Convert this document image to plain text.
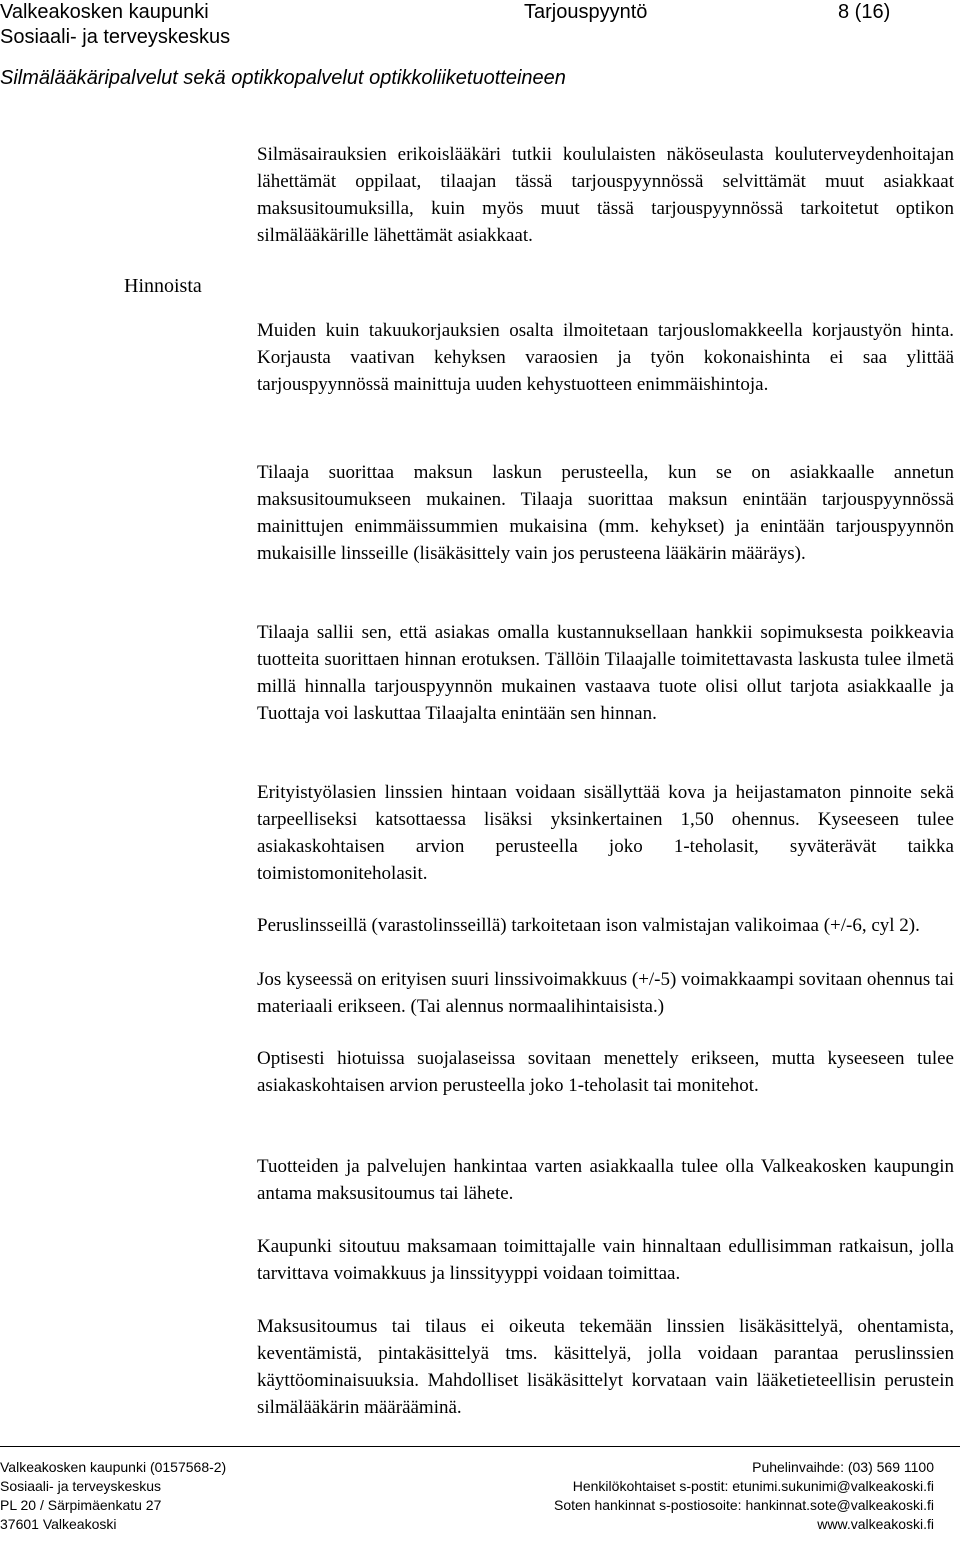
Valkeakosken kaupunki
Sosiaali- ja terveyskeskus
Tarjouspyyntö	8 (16)
Silmälääkäripalvelut sekä optikkopalvelut optikkoliiketuotteineen
Hinnoista

Silmäsairauksien erikoislääkäri tutkii koululaisten näköseulasta kouluterveydenhoitajan lähettämät oppilaat, tilaajan tässä tarjouspyynnössä selvittämät muut asiakkaat maksusitoumuksilla, kuin myös muut tässä tarjouspyynnössä tarkoitetut optikon silmälääkärille lähettämät asiakkaat.

Muiden kuin takuukorjauksien osalta ilmoitetaan tarjouslomakkeella korjaustyön hinta. Korjausta vaativan kehyksen varaosien ja työn kokonaishinta ei saa ylittää tarjouspyynnössä mainittuja uuden kehystuotteen enimmäishintoja.

Tilaaja suorittaa maksun laskun perusteella, kun se on asiakkaalle annetun maksusitoumukseen mukainen. Tilaaja suorittaa maksun enintään tarjouspyynnössä mainittujen enimmäissummien mukaisina (mm. kehykset) ja enintään tarjouspyynnön mukaisille linsseille (lisäkäsittely vain jos perusteena lääkärin määräys).

Tilaaja sallii sen, että asiakas omalla kustannuksellaan hankkii sopimuksesta poikkeavia tuotteita suorittaen hinnan erotuksen. Tällöin Tilaajalle toimitettavasta laskusta tulee ilmetä millä hinnalla tarjouspyynnön mukainen vastaava tuote olisi ollut tarjota asiakkaalle ja Tuottaja voi laskuttaa Tilaajalta enintään sen hinnan.

Erityistyölasien linssien hintaan voidaan sisällyttää kova ja heijastamaton pinnoite sekä tarpeelliseksi katsottaessa lisäksi yksinkertainen 1,50 ohennus. Kyseeseen tulee asiakaskohtaisen arvion perusteella joko 1-teholasit, syväterävät taikka toimistomoniteholasit.

Peruslinsseillä (varastolinsseillä) tarkoitetaan ison valmistajan valikoimaa (+/-6, cyl 2).

Jos kyseessä on erityisen suuri linssivoimakkuus (+/-5) voimakkaampi sovitaan ohennus tai materiaali erikseen. (Tai alennus normaalihintaisista.)

Optisesti hiotuissa suojalaseissa sovitaan menettely erikseen, mutta kyseeseen tulee asiakaskohtaisen arvion perusteella joko 1-teholasit tai monitehot.

Tuotteiden ja palvelujen hankintaa varten asiakkaalla tulee olla Valkeakosken kaupungin antama maksusitoumus tai lähete.

Kaupunki sitoutuu maksamaan toimittajalle vain hinnaltaan edullisimman ratkaisun, jolla tarvittava voimakkuus ja linssityyppi voidaan toimittaa.

Maksusitoumus tai tilaus ei oikeuta tekemään linssien lisäkäsittelyä, ohentamista, keventämistä, pintakäsittelyä tms. käsittelyä, jolla voidaan parantaa peruslinssien käyttöominaisuuksia. Mahdolliset lisäkäsittelyt korvataan vain lääketieteellisin perustein silmälääkärin määrääminä.

Valkeakosken kaupunki (0157568-2)
Sosiaali- ja terveyskeskus
PL 20 / Särpimäenkatu 27
37601 Valkeakoski
Puhelinvaihde: (03) 569 1100
Henkilökohtaiset s-postit: etunimi.sukunimi@valkeakoski.fi
Soten hankinnat s-postiosoite: hankinnat.sote@valkeakoski.fi
www.valkeakoski.fi
